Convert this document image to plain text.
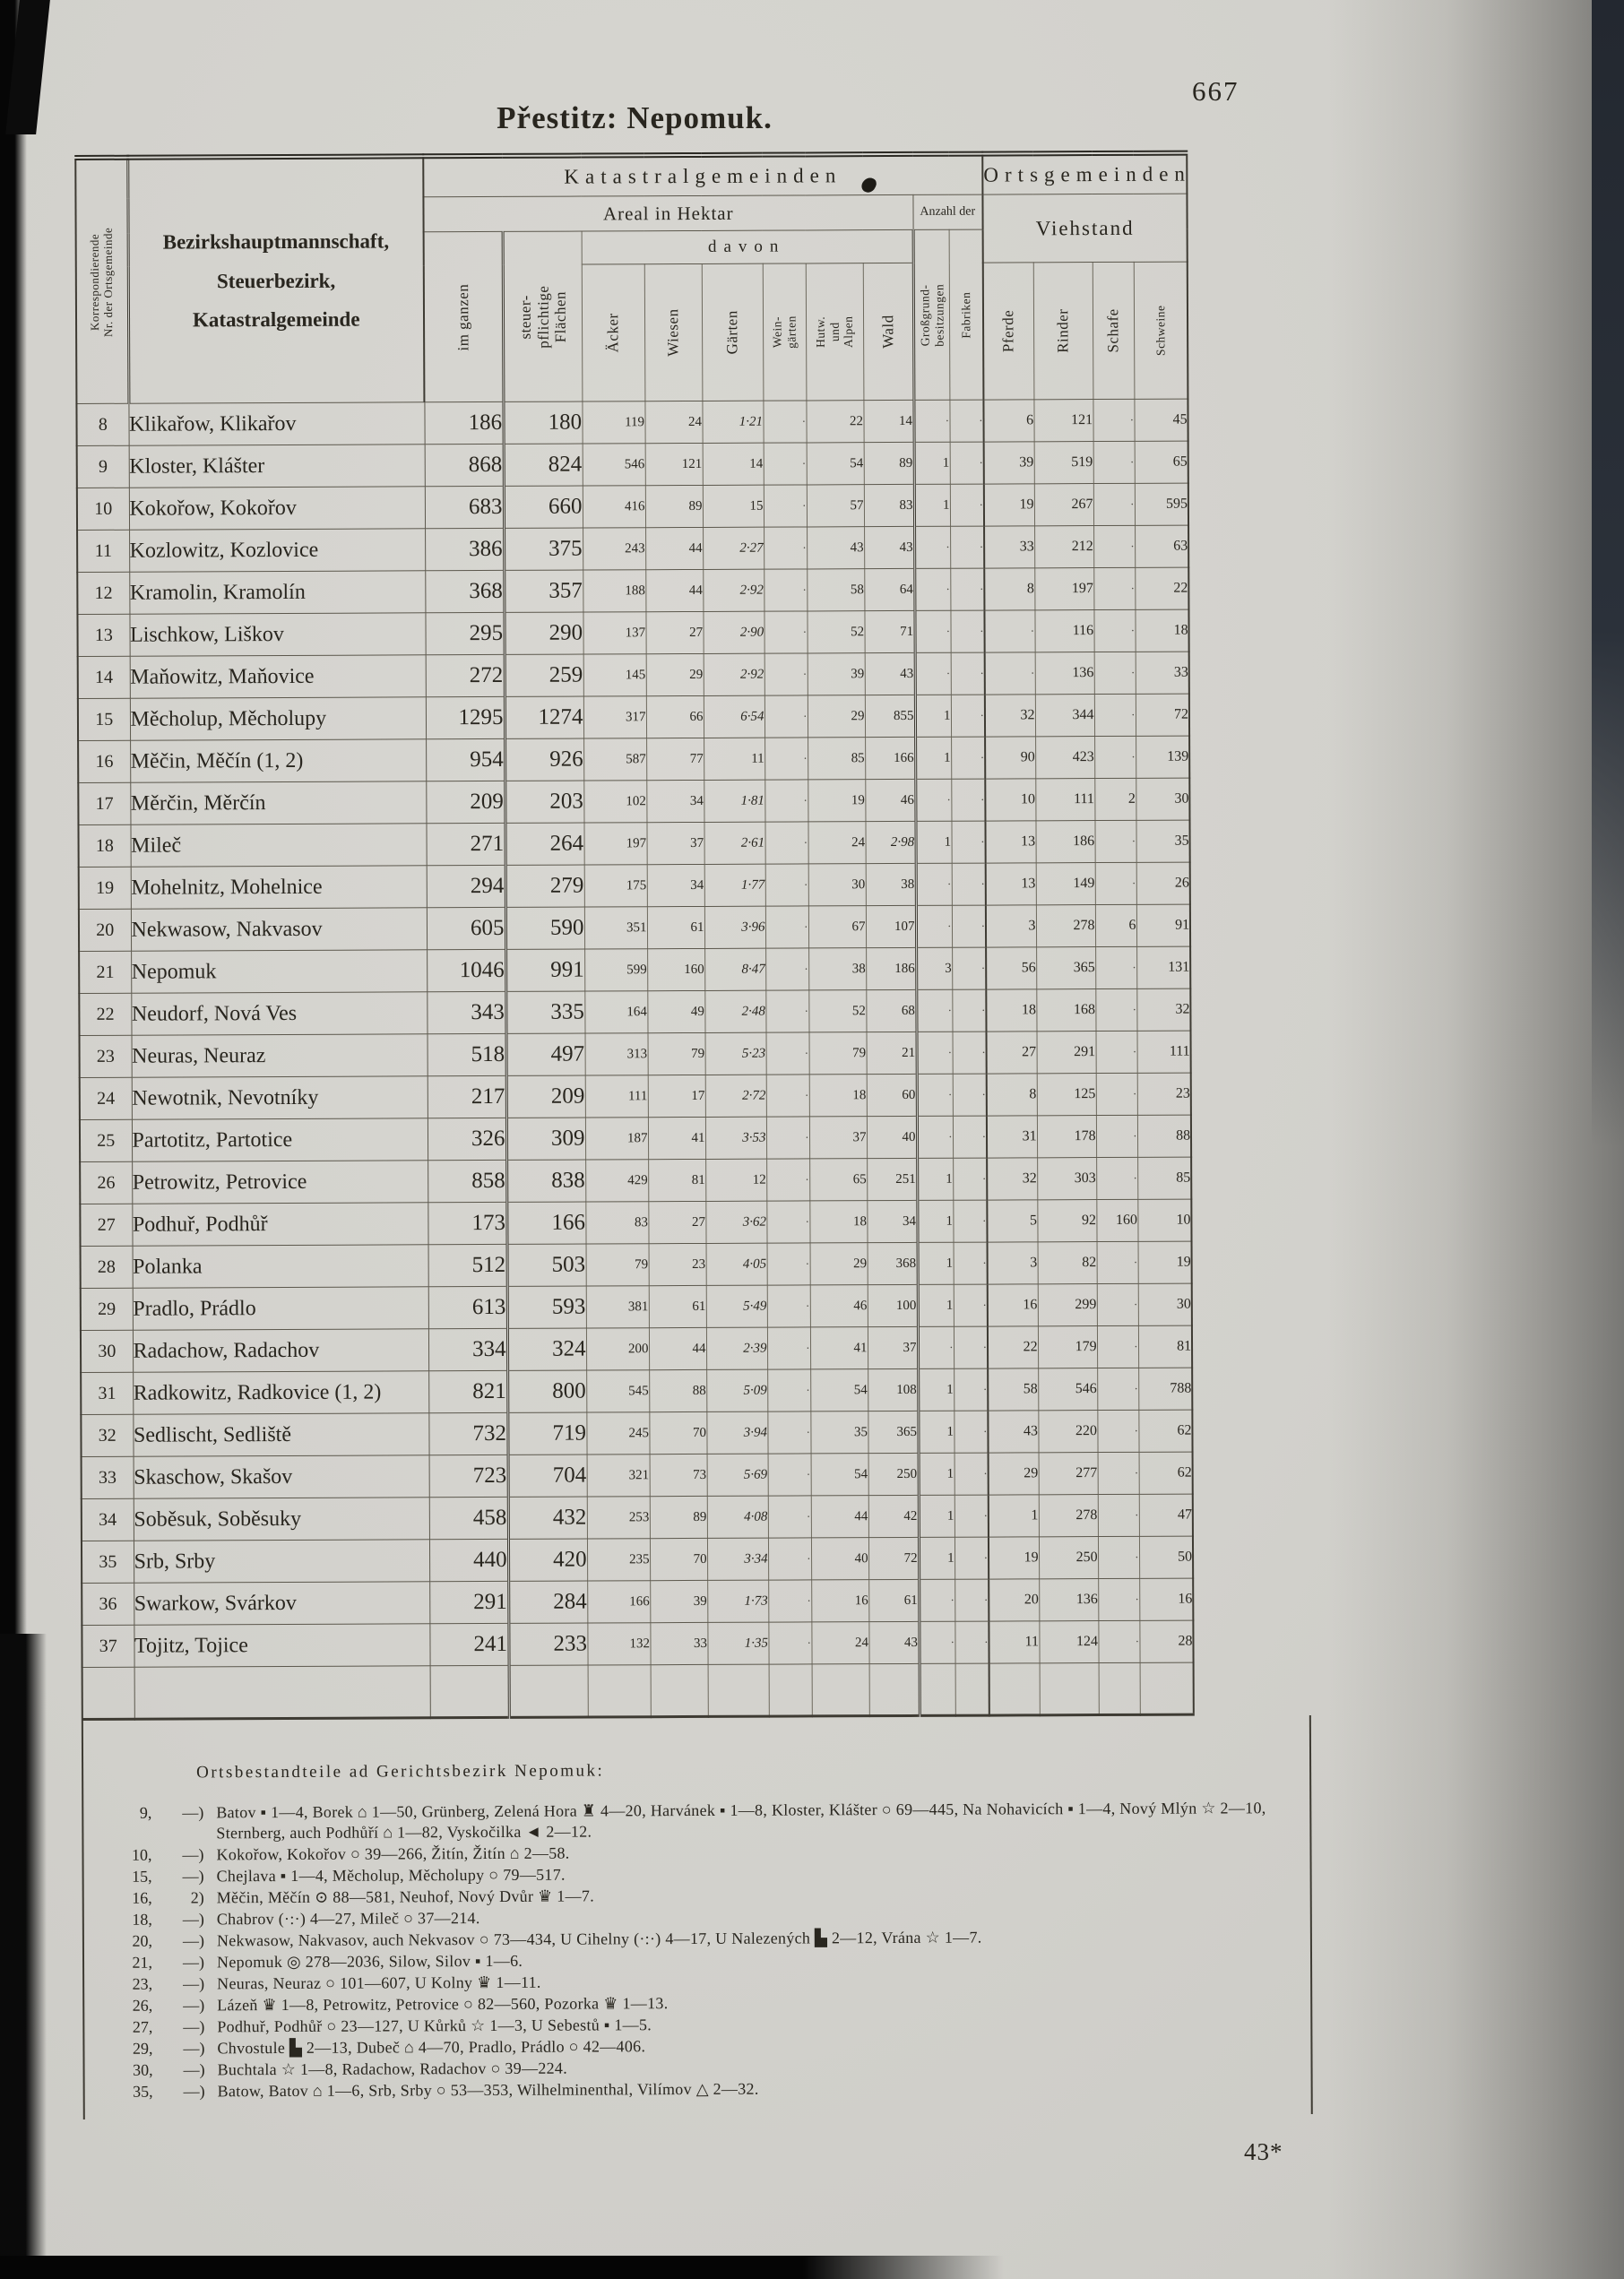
667
Přestitz: Nepomuk.
Korrespondierende
Nr. der Ortsgemeinde	Bezirkshauptmannschaft,
Steuerbezirk,
Katastralgemeinde	Katastralgemeinden										Ortsgemeinden			
		Areal in Hektar								Anzahl der		Viehstand			

		im ganzen	steuer-
pflichtige
Flächen	davon						Großgrund-
besitzungen	Fabriken				

				Äcker	Wiesen	Gärten	Wein-
gärten	Hutw.
und
Alpen	Wald			Pferde	Rinder	Schafe	Schweine

8	Klikařow, Klikařov	186	180	119	24	1·21	·	22	14	·	·	6	121	·	45
9	Kloster, Klášter	868	824	546	121	14	·	54	89	1	·	39	519	·	65
10	Kokořow, Kokořov	683	660	416	89	15	·	57	83	1	·	19	267	·	595
11	Kozlowitz, Kozlovice	386	375	243	44	2·27	·	43	43	·	·	33	212	·	63
12	Kramolin, Kramolín	368	357	188	44	2·92	·	58	64	·	·	8	197	·	22
13	Lischkow, Liškov	295	290	137	27	2·90	·	52	71	·	·	·	116	·	18
14	Maňowitz, Maňovice	272	259	145	29	2·92	·	39	43	·	·	·	136	·	33
15	Měcholup, Měcholupy	1295	1274	317	66	6·54	·	29	855	1	·	32	344	·	72
16	Měčin, Měčín (1, 2)	954	926	587	77	11	·	85	166	1	·	90	423	·	139
17	Měrčin, Měrčín	209	203	102	34	1·81	·	19	46	·	·	10	111	2	30
18	Mileč	271	264	197	37	2·61	·	24	2·98	1	·	13	186	·	35
19	Mohelnitz, Mohelnice	294	279	175	34	1·77	·	30	38	·	·	13	149	·	26
20	Nekwasow, Nakvasov	605	590	351	61	3·96	·	67	107	·	·	3	278	6	91
21	Nepomuk	1046	991	599	160	8·47	·	38	186	3	·	56	365	·	131
22	Neudorf, Nová Ves	343	335	164	49	2·48	·	52	68	·	·	18	168	·	32
23	Neuras, Neuraz	518	497	313	79	5·23	·	79	21	·	·	27	291	·	111
24	Newotnik, Nevotníky	217	209	111	17	2·72	·	18	60	·	·	8	125	·	23
25	Partotitz, Partotice	326	309	187	41	3·53	·	37	40	·	·	31	178	·	88
26	Petrowitz, Petrovice	858	838	429	81	12	·	65	251	1	·	32	303	·	85
27	Podhuř, Podhůř	173	166	83	27	3·62	·	18	34	1	·	5	92	160	10
28	Polanka	512	503	79	23	4·05	·	29	368	1	·	3	82	·	19
29	Pradlo, Prádlo	613	593	381	61	5·49	·	46	100	1	·	16	299	·	30
30	Radachow, Radachov	334	324	200	44	2·39	·	41	37	·	·	22	179	·	81
31	Radkowitz, Radkovice (1, 2)	821	800	545	88	5·09	·	54	108	1	·	58	546	·	788
32	Sedlischt, Sedliště	732	719	245	70	3·94	·	35	365	1	·	43	220	·	62
33	Skaschow, Skašov	723	704	321	73	5·69	·	54	250	1	·	29	277	·	62
34	Soběsuk, Soběsuky	458	432	253	89	4·08	·	44	42	1	·	1	278	·	47
35	Srb, Srby	440	420	235	70	3·34	·	40	72	1	·	19	250	·	50
36	Swarkow, Svárkov	291	284	166	39	1·73	·	16	61	·	·	20	136	·	16
37	Tojitz, Tojice	241	233	132	33	1·35	·	24	43	·	·	11	124	·	28

Ortsbestandteile ad Gerichtsbezirk Nepomuk:

9,	—) Batov ▪ 1—4, Borek ⌂ 1—50, Grünberg, Zelená Hora ♜ 4—20, Harvánek ▪ 1—8, Kloster, Klášter ○ 69—445, Na Nohavicích ▪ 1—4, Nový Mlýn ☆ 2—10, Sternberg, auch Podhůří ⌂ 1—82, Vyskočilka ◄ 2—12.
10,	—) Kokořow, Kokořov ○ 39—266, Žitín, Žitín ⌂ 2—58.
15,	—) Chejlava ▪ 1—4, Měcholup, Měcholupy ○ 79—517.
16,	2) Měčin, Měčín ⊙ 88—581, Neuhof, Nový Dvůr ♛ 1—7.
18,	—) Chabrov (·:·) 4—27, Mileč ○ 37—214.
20,	—) Nekwasow, Nakvasov, auch Nekvasov ○ 73—434, U Cihelny (·:·) 4—17, U Nalezených ▙ 2—12, Vrána ☆ 1—7.
21,	—) Nepomuk ◎ 278—2036, Silow, Silov ▪ 1—6.
23,	—) Neuras, Neuraz ○ 101—607, U Kolny ♛ 1—11.
26,	—) Lázeň ♛ 1—8, Petrowitz, Petrovice ○ 82—560, Pozorka ♛ 1—13.
27,	—) Podhuř, Podhůř ○ 23—127, U Kůrků ☆ 1—3, U Sebestů ▪ 1—5.
29,	—) Chvostule ▙ 2—13, Dubeč ⌂ 4—70, Pradlo, Prádlo ○ 42—406.
30,	—) Buchtala ☆ 1—8, Radachow, Radachov ○ 39—224.
35,	—) Batow, Batov ⌂ 1—6, Srb, Srby ○ 53—353, Wilhelminenthal, Vilímov △ 2—32.
43*
